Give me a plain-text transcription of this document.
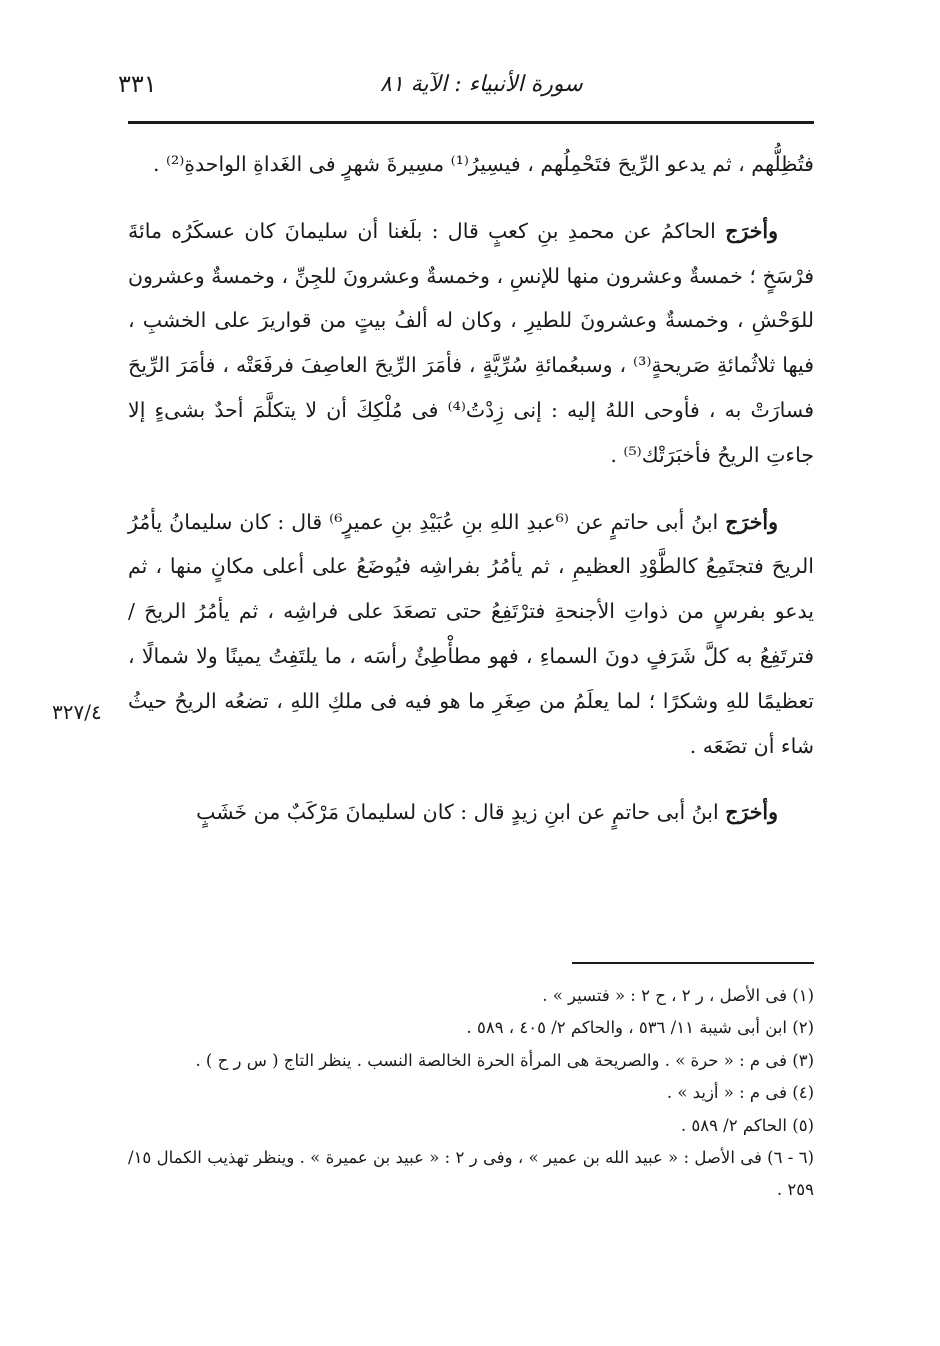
٣٣١	سورة الأنبياء : الآية ٨١
٣٢٧/٤

فتُظِلُّهم ، ثم يدعو الرِّيحَ فتَحْمِلُهم ، فيسِيرُ⁽¹⁾ مسِيرةَ شهرٍ فى الغَداةِ الواحدةِ⁽²⁾ .

وأخرَج الحاكمُ عن محمدِ بنِ كعبٍ قال : بلَغنا أن سليمانَ كان عسكَرُه مائةَ فرْسَخٍ ؛ خمسةٌ وعشرون منها للإنسِ ، وخمسةٌ وعشرونَ للجِنِّ ، وخمسةٌ وعشرون للوَحْشِ ، وخمسةٌ وعشرونَ للطيرِ ، وكان له ألفُ بيتٍ من قواريرَ على الخشبِ ، فيها ثلاثُمائةِ صَريحةٍ⁽³⁾ ، وسبعُمائةِ سُرِّيَّةٍ ، فأمَرَ الرِّيحَ العاصِفَ فرفَعَتْه ، فأمَرَ الرِّيحَ فسارَتْ به ، فأوحى اللهُ إليه : إنى زِدْتُ⁽⁴⁾ فى مُلْكِكَ أن لا يتكلَّمَ أحدٌ بشىءٍ إلا جاءتِ الريحُ فأخبَرَتْك⁽⁵⁾ .

وأخرَج ابنُ أبى حاتمٍ عن ⁽⁶عبدِ اللهِ بنِ عُبَيْدِ بنِ عميرٍ⁶⁾ قال : كان سليمانُ يأمُرُ الريحَ فتجتَمِعُ كالطَّوْدِ العظيمِ ، ثم يأمُرُ بفراشِه فيُوضَعُ على أعلى مكانٍ منها ، ثم يدعو بفرسٍ من ذواتِ الأجنحةِ فترْتَفِعُ حتى تصعَدَ على فراشِه ، ثم يأمُرُ الريحَ / فترتَفِعُ به كلَّ شَرَفٍ دونَ السماءِ ، فهو مطأْطِئٌ رأسَه ، ما يلتَفِتُ يمينًا ولا شمالًا ، تعظيمًا للهِ وشكرًا ؛ لما يعلَمُ من صِغَرِ ما هو فيه فى ملكِ اللهِ ، تضعُه الريحُ حيثُ شاء أن تضَعَه .

وأخرَج ابنُ أبى حاتمٍ عن ابنِ زيدٍ قال : كان لسليمانَ مَرْكَبٌ من خَشَبٍ

(١) فى الأصل ، ر ٢ ، ح ٢ : « فتسير » .

(٢) ابن أبى شيبة ١١/ ٥٣٦ ، والحاكم ٢/ ٤٠٥ ، ٥٨٩ .

(٣) فى م : « حرة » . والصريحة هى المرأة الحرة الخالصة النسب . ينظر التاج ( س ر ح ) .

(٤) فى م : « أزيد » .

(٥) الحاكم ٢/ ٥٨٩ .

(٦ - ٦) فى الأصل : « عبيد الله بن عمير » ، وفى ر ٢ : « عبيد بن عميرة » . وينظر تهذيب الكمال ١٥/ ٢٥٩ .
